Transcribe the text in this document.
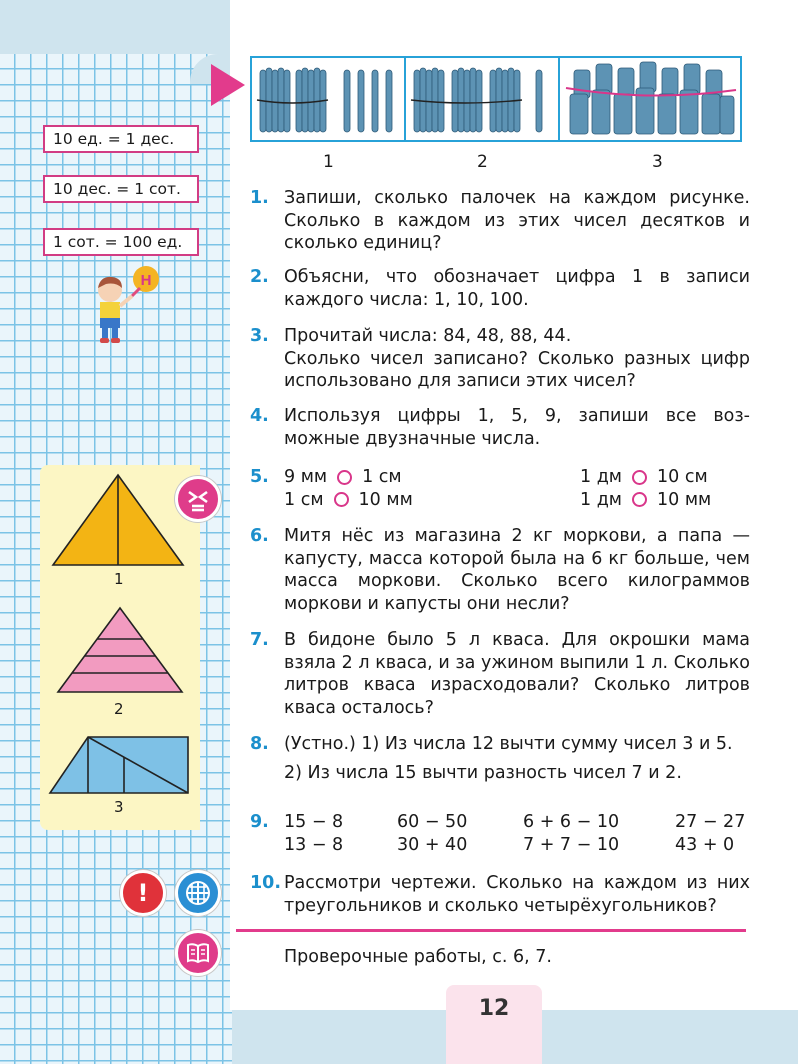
10 ед. = 1 дес.
10 дес. = 1 сот.
1 сот. = 100 ед.
Н
1
2
3
!
1	2	3
1. Запиши, сколько палочек на каждом рисунке. Сколько в каждом из этих чисел десятков и сколько единиц?
2. Объясни, что обозначает цифра 1 в записи каждого числа: 1, 10, 100.
3. Прочитай числа: 84, 48, 88, 44.
Сколько чисел записано? Сколько разных цифр использовано для записи этих чисел?
4. Используя цифры 1, 5, 9, запиши все воз- можные двузначные числа.
5. 9 мм 1 см	1 дм 10 см
1 см 10 мм	1 дм 10 мм
6. Митя нёс из магазина 2 кг моркови, а папа — капусту, масса которой была на 6 кг больше, чем масса моркови. Сколько всего килограммов моркови и капусты они несли?
7. В бидоне было 5 л кваса. Для окрошки мама взяла 2 л кваса, и за ужином выпили 1 л. Сколько литров кваса израсходовали? Сколько литров кваса осталось?
8. (Устно.) 1) Из числа 12 вычти сумму чисел 3 и 5.
2) Из числа 15 вычти разность чисел 7 и 2.
9. 15 − 8	60 − 50	6 + 6 − 10	27 − 27
13 − 8	30 + 40	7 + 7 − 10	43 + 0
10. Рассмотри чертежи. Сколько на каждом из них треугольников и сколько четырёхугольников?
Проверочные работы, с. 6, 7.
12
